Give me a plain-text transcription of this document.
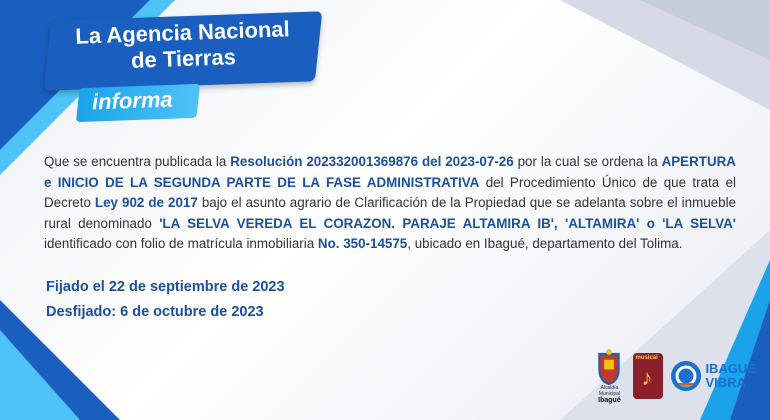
La Agencia Nacional
de Tierras
informa
Que se encuentra publicada la Resolución 202332001369876 del 2023-07-26 por la cual se ordena la APERTURA e INICIO DE LA SEGUNDA PARTE DE LA FASE ADMINISTRATIVA del Procedimiento Único de que trata el Decreto Ley 902 de 2017 bajo el asunto agrario de Clarificación de la Propiedad que se adelanta sobre el inmueble rural denominado 'LA SELVA VEREDA EL CORAZON. PARAJE ALTAMIRA IB', 'ALTAMIRA' o 'LA SELVA' identificado con folio de matrícula inmobiliaria No. 350-14575, ubicado en Ibagué, departamento del Tolima.
Fijado el 22 de septiembre de 2023
Desfijado: 6 de octubre de 2023
Alcaldía Municipal
Ibagué
musical
♪	IBAGUÉ
VIBRA
